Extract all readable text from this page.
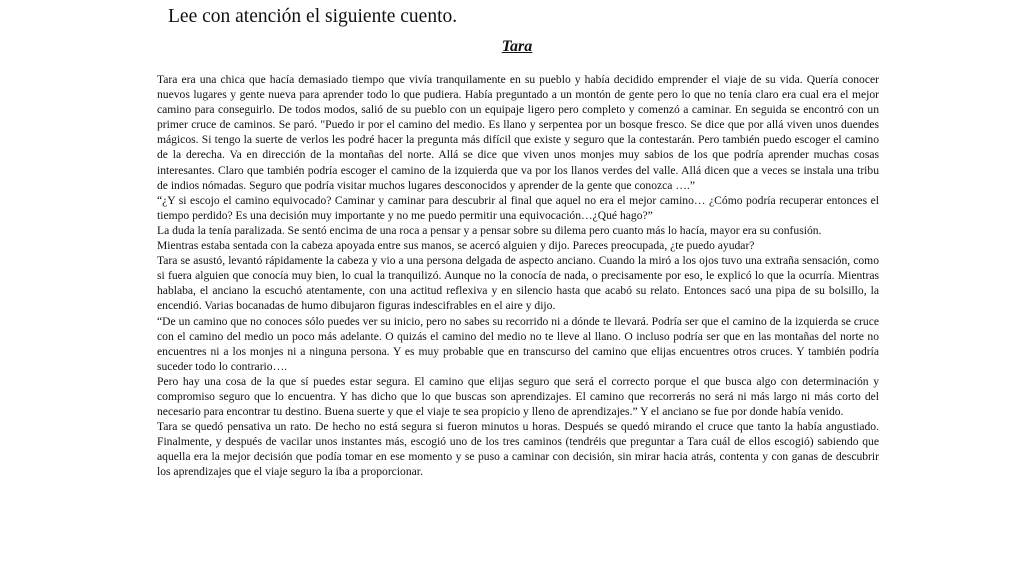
Lee con atención el siguiente cuento.
Tara

Tara era una chica que hacía demasiado tiempo que vivía tranquilamente en su pueblo y había decidido emprender el viaje de su vida. Quería conocer nuevos lugares y gente nueva para aprender todo lo que pudiera. Había preguntado a un montón de gente pero lo que no tenía claro era cual era el mejor camino para conseguirlo. De todos modos, salió de su pueblo con un equipaje ligero pero completo y comenzó a caminar. En seguida se encontró con un primer cruce de caminos. Se paró. "Puedo ir por el camino del medio. Es llano y serpentea por un bosque fresco. Se dice que por allá viven unos duendes mágicos. Si tengo la suerte de verlos les podré hacer la pregunta más difícil que existe y seguro que la contestarán. Pero también puedo escoger el camino de la derecha. Va en dirección de la montañas del norte. Allá se dice que viven unos monjes muy sabios de los que podría aprender muchas cosas interesantes. Claro que también podría escoger el camino de la izquierda que va por los llanos verdes del valle. Allá dicen que a veces se instala una tribu de indios nómadas. Seguro que podría visitar muchos lugares desconocidos y aprender de la gente que conozca ….”

“¿Y si escojo el camino equivocado? Caminar y caminar para descubrir al final que aquel no era el mejor camino… ¿Cómo podría recuperar entonces el tiempo perdido? Es una decisión muy importante y no me puedo permitir una equivocación…¿Qué hago?”

La duda la tenía paralizada. Se sentó encima de una roca a pensar y a pensar sobre su dilema pero cuanto más lo hacía, mayor era su confusión.

Mientras estaba sentada con la cabeza apoyada entre sus manos, se acercó alguien y dijo. Pareces preocupada, ¿te puedo ayudar?

Tara se asustó, levantó rápidamente la cabeza y vio a una persona delgada de aspecto anciano. Cuando la miró a los ojos tuvo una extraña sensación, como si fuera alguien que conocía muy bien, lo cual la tranquilizó. Aunque no la conocía de nada, o precisamente por eso, le explicó lo que la ocurría. Mientras hablaba, el anciano la escuchó atentamente, con una actitud reflexiva y en silencio hasta que acabó su relato. Entonces sacó una pipa de su bolsillo, la encendió. Varias bocanadas de humo dibujaron figuras indescifrables en el aire y dijo.

“De un camino que no conoces sólo puedes ver su inicio, pero no sabes su recorrido ni a dónde te llevará. Podría ser que el camino de la izquierda se cruce con el camino del medio un poco más adelante. O quizás el camino del medio no te lleve al llano. O incluso podría ser que en las montañas del norte no encuentres ni a los monjes ni a ninguna persona. Y es muy probable que en transcurso del camino que elijas encuentres otros cruces. Y también podría suceder todo lo contrario….

Pero hay una cosa de la que sí puedes estar segura. El camino que elijas seguro que será el correcto porque el que busca algo con determinación y compromiso seguro que lo encuentra. Y has dicho que lo que buscas son aprendizajes. El camino que recorrerás no será ni más largo ni más corto del necesario para encontrar tu destino. Buena suerte y que el viaje te sea propicio y lleno de aprendizajes.” Y el anciano se fue por donde había venido.

Tara se quedó pensativa un rato. De hecho no está segura si fueron minutos u horas. Después se quedó mirando el cruce que tanto la había angustiado. Finalmente, y después de vacilar unos instantes más, escogió uno de los tres caminos (tendréis que preguntar a Tara cuál de ellos escogió) sabiendo que aquella era la mejor decisión que podía tomar en ese momento y se puso a caminar con decisión, sin mirar hacia atrás, contenta y con ganas de descubrir los aprendizajes que el viaje seguro la iba a proporcionar.
